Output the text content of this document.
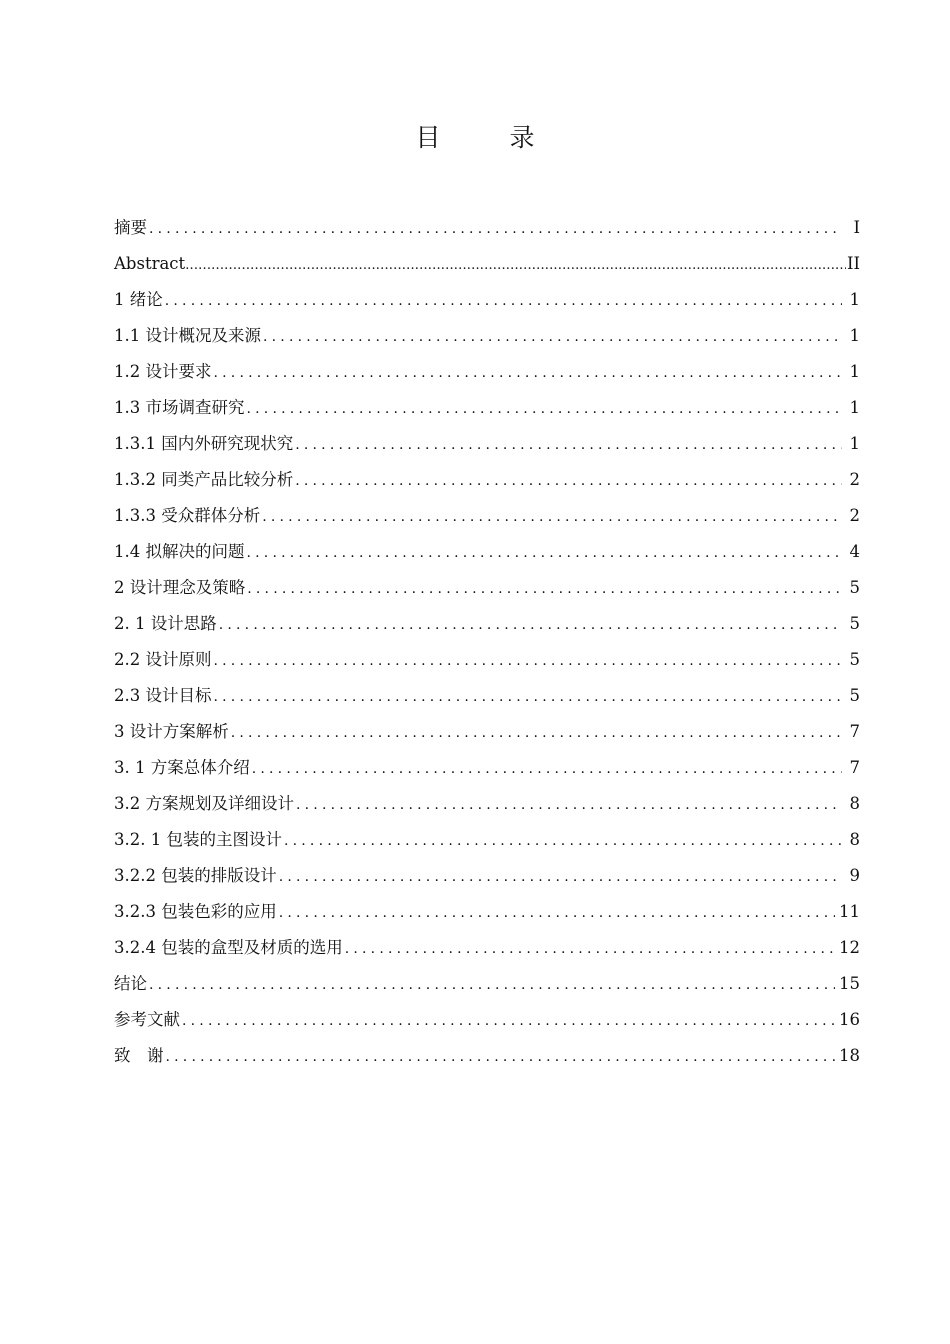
目　录
摘要 .....	I
Abstract .....	II
1 绪论 .....	1
1.1 设计概况及来源 .....	1
1.2 设计要求 .....	1
1.3 市场调查研究 .....	1
1.3.1 国内外研究现状究 .....	1
1.3.2 同类产品比较分析 .....	2
1.3.3 受众群体分析 .....	2
1.4 拟解决的问题 .....	4
2 设计理念及策略 .....	5
2. 1 设计思路 .....	5
2.2 设计原则 .....	5
2.3 设计目标 .....	5
3 设计方案解析 .....	7
3. 1 方案总体介绍 .....	7
3.2 方案规划及详细设计 .....	8
3.2. 1 包装的主图设计 .....	8
3.2.2 包装的排版设计 .....	9
3.2.3 包装色彩的应用 .....	11
3.2.4 包装的盒型及材质的选用 .....	12
结论 .....	15
参考文献 .....	16
致　谢 .....	18
